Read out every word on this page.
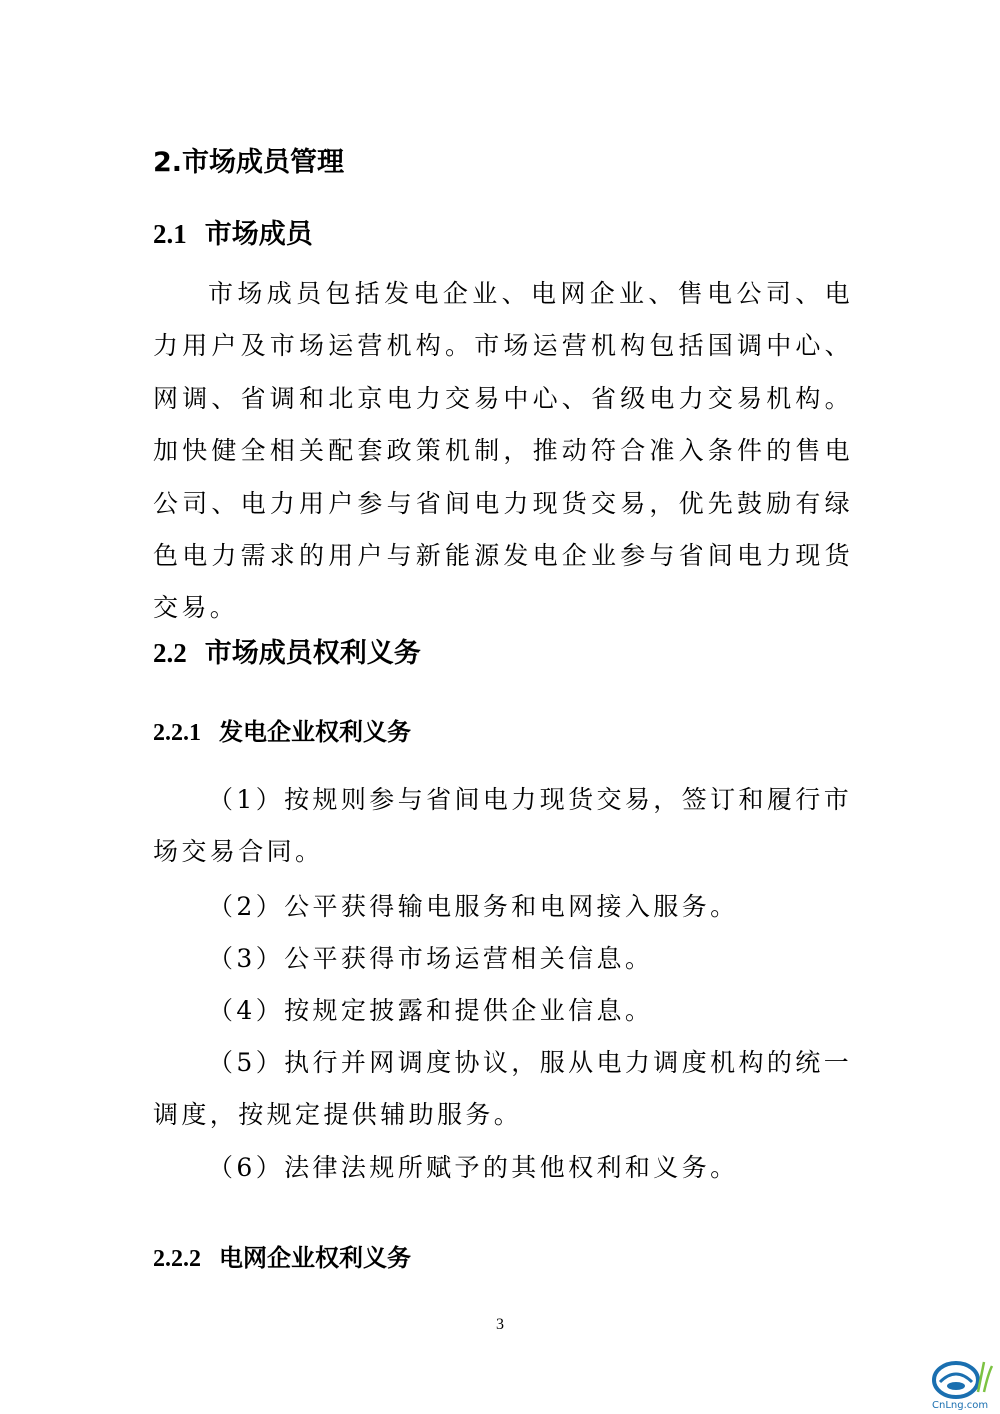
2.市场成员管理
2.1 市场成员

市场成员包括发电企业、电网企业、售电公司、电力用户及市场运营机构。市场运营机构包括国调中心、网调、省调和北京电力交易中心、省级电力交易机构。加快健全相关配套政策机制，推动符合准入条件的售电公司、电力用户参与省间电力现货交易，优先鼓励有绿色电力需求的用户与新能源发电企业参与省间电力现货交易。

2.2 市场成员权利义务
2.2.1 发电企业权利义务

（1）按规则参与省间电力现货交易，签订和履行市场交易合同。

（2）公平获得输电服务和电网接入服务。

（3）公平获得市场运营相关信息。

（4）按规定披露和提供企业信息。

（5）执行并网调度协议，服从电力调度机构的统一调度，按规定提供辅助服务。

（6）法律法规所赋予的其他权利和义务。

2.2.2 电网企业权利义务
3
CnLng.com
